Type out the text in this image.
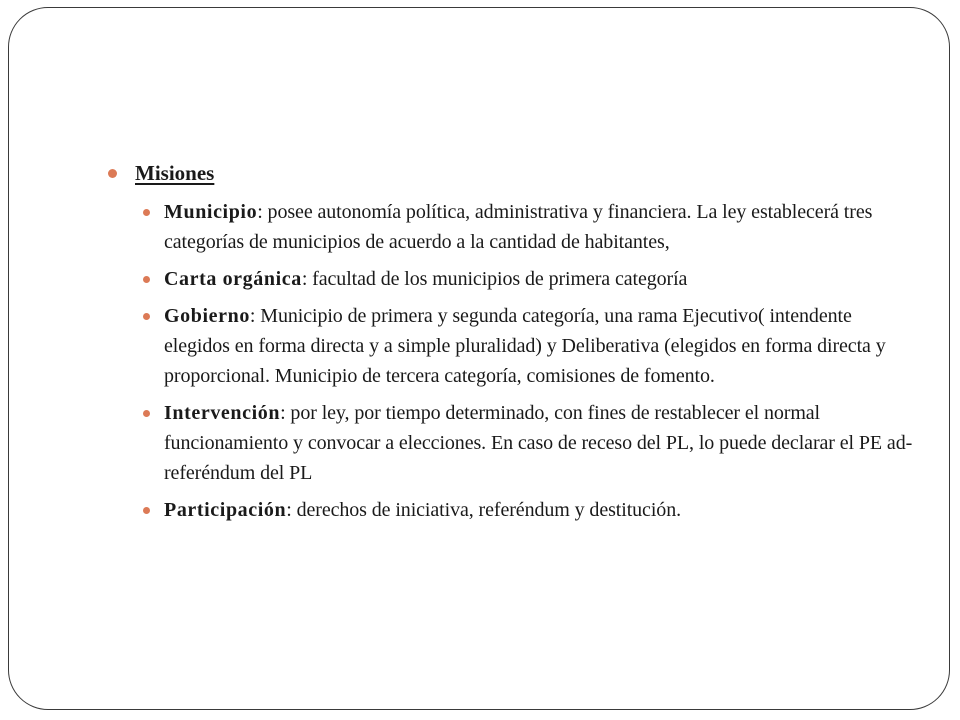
Misiones
Municipio: posee autonomía política, administrativa y financiera. La ley establecerá tres categorías de municipios de acuerdo a la cantidad de habitantes,
Carta orgánica: facultad de los municipios de primera categoría
Gobierno: Municipio de primera y segunda categoría, una rama Ejecutivo( intendente elegidos en forma directa y a simple pluralidad) y Deliberativa (elegidos en forma directa y proporcional. Municipio de tercera categoría, comisiones de fomento.
Intervención: por ley, por tiempo determinado, con fines de restablecer el normal funcionamiento y convocar a elecciones. En caso de receso del PL, lo puede declarar el PE ad-referéndum del PL
Participación: derechos de iniciativa, referéndum y destitución.
